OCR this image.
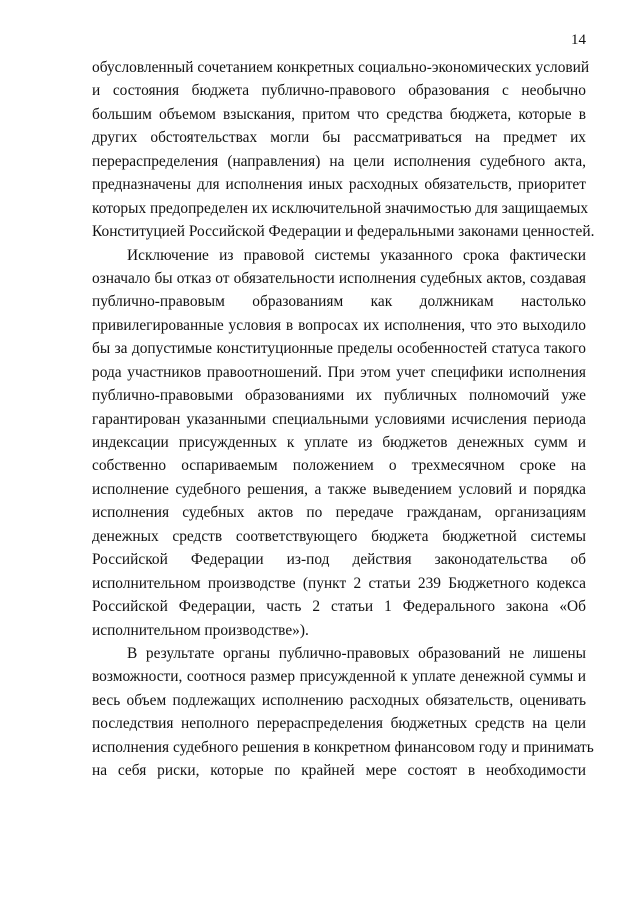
14
обусловленный сочетанием конкретных социально-экономических условий
и состояния бюджета публично-правового образования с необычно
большим объемом взыскания, притом что средства бюджета, которые в
других обстоятельствах могли бы рассматриваться на предмет их
перераспределения (направления) на цели исполнения судебного акта,
предназначены для исполнения иных расходных обязательств, приоритет
которых предопределен их исключительной значимостью для защищаемых
Конституцией Российской Федерации и федеральными законами ценностей.
Исключение из правовой системы указанного срока фактически
означало бы отказ от обязательности исполнения судебных актов, создавая
публично-правовым образованиям как должникам настолько
привилегированные условия в вопросах их исполнения, что это выходило
бы за допустимые конституционные пределы особенностей статуса такого
рода участников правоотношений. При этом учет специфики исполнения
публично-правовыми образованиями их публичных полномочий уже
гарантирован указанными специальными условиями исчисления периода
индексации присужденных к уплате из бюджетов денежных сумм и
собственно оспариваемым положением о трехмесячном сроке на
исполнение судебного решения, а также выведением условий и порядка
исполнения судебных актов по передаче гражданам, организациям
денежных средств соответствующего бюджета бюджетной системы
Российской Федерации из-под действия законодательства об
исполнительном производстве (пункт 2 статьи 239 Бюджетного кодекса
Российской Федерации, часть 2 статьи 1 Федерального закона «Об
исполнительном производстве»).
В результате органы публично-правовых образований не лишены
возможности, соотнося размер присужденной к уплате денежной суммы и
весь объем подлежащих исполнению расходных обязательств, оценивать
последствия неполного перераспределения бюджетных средств на цели
исполнения судебного решения в конкретном финансовом году и принимать
на себя риски, которые по крайней мере состоят в необходимости
